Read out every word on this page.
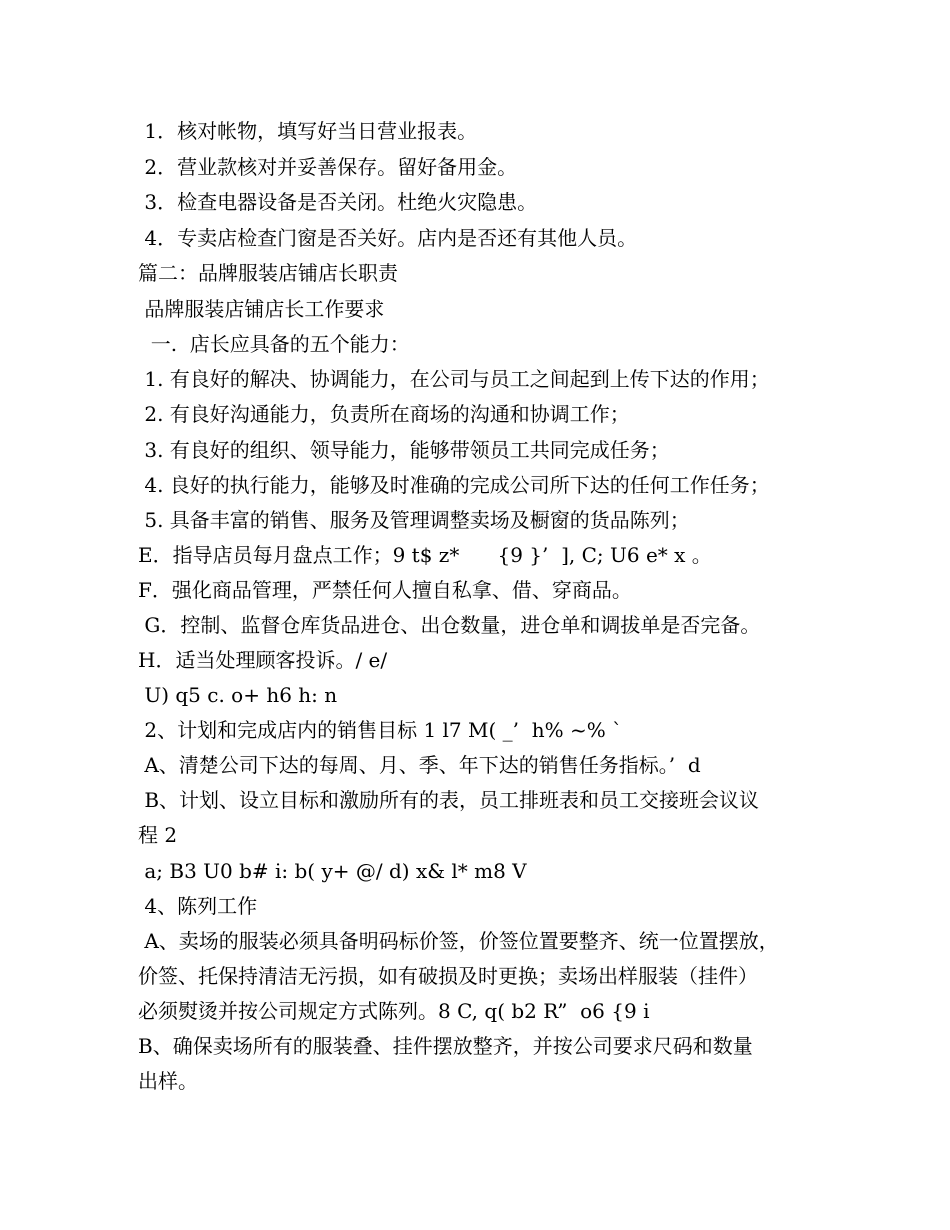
1．核对帐物，填写好当日营业报表。
2．营业款核对并妥善保存。留好备用金。
3．检查电器设备是否关闭。杜绝火灾隐患。
4．专卖店检查门窗是否关好。店内是否还有其他人员。
篇二：品牌服装店铺店长职责
品牌服装店铺店长工作要求
一.  店长应具备的五个能力：
1. 有良好的解决、协调能力，在公司与员工之间起到上传下达的作用；
2. 有良好沟通能力，负责所在商场的沟通和协调工作；
3. 有良好的组织、领导能力，能够带领员工共同完成任务；
4. 良好的执行能力，能够及时准确的完成公司所下达的任何工作任务；
5. 具备丰富的销售、服务及管理调整卖场及橱窗的货品陈列；
E．指导店员每月盘点工作；9 t$ z*      {9 }’  ], C; U6 e* x 。
F．强化商品管理，严禁任何人擅自私拿、借、穿商品。
G．控制、监督仓库货品进仓、出仓数量，进仓单和调拔单是否完备。
H．适当处理顾客投诉。/ e/
U) q5 c. o+ h6 h: n
2、计划和完成店内的销售目标 1 l7 M( _’  h% ~% `
A、清楚公司下达的每周、月、季、年下达的销售任务指标。’  d
B、计划、设立目标和激励所有的表，员工排班表和员工交接班会议议
程 2
a; B3 U0 b# i: b( y+ @/ d) x& l* m8 V
4、陈列工作
A、卖场的服装必须具备明码标价签，价签位置要整齐、统一位置摆放，
价签、托保持清洁无污损，如有破损及时更换；卖场出样服装（挂件）
必须熨烫并按公司规定方式陈列。8 C, q( b2 R”  o6 {9 i
B、确保卖场所有的服装叠、挂件摆放整齐，并按公司要求尺码和数量
出样。
